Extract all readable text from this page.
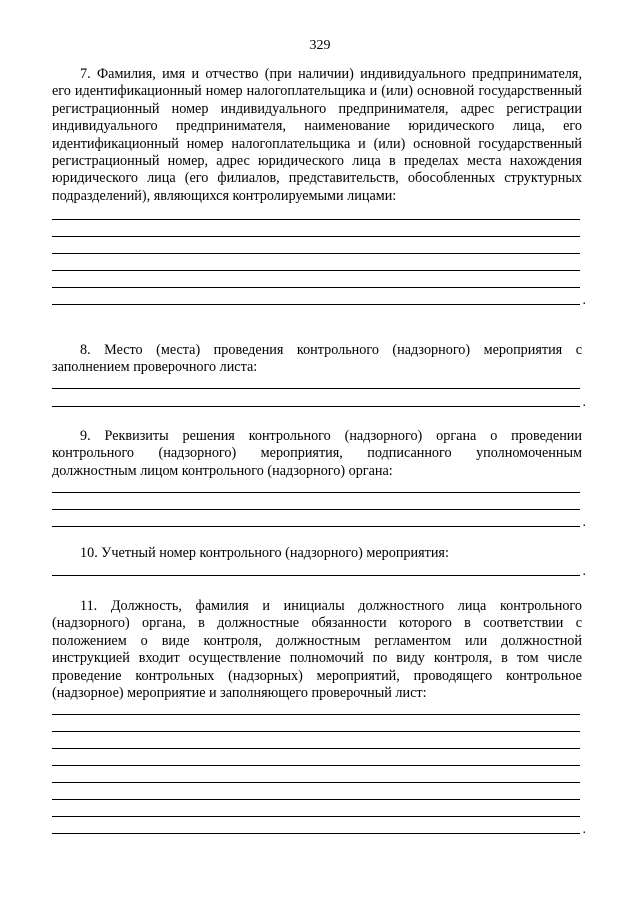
329

7. Фамилия, имя и отчество (при наличии) индивидуального предпринимателя, его идентификационный номер налогоплательщика и (или) основной государственный регистрационный номер индивидуального предпринимателя, адрес регистрации индивидуального предпринимателя, наименование юридического лица, его идентификационный номер налогоплательщика и (или) основной государственный регистрационный номер, адрес юридического лица в пределах места нахождения юридического лица (его филиалов, представительств, обособленных структурных подразделений), являющихся контролируемыми лицами:

.

8. Место (места) проведения контрольного (надзорного) мероприятия с заполнением проверочного листа:

.

9. Реквизиты решения контрольного (надзорного) органа о проведении контрольного (надзорного) мероприятия, подписанного уполномоченным должностным лицом контрольного (надзорного) органа:

.

10. Учетный номер контрольного (надзорного) мероприятия:

.

11. Должность, фамилия и инициалы должностного лица контрольного (надзорного) органа, в должностные обязанности которого в соответствии с положением о виде контроля, должностным регламентом или должностной инструкцией входит осуществление полномочий по виду контроля, в том числе проведение контрольных (надзорных) мероприятий, проводящего контрольное (надзорное) мероприятие и заполняющего проверочный лист:

.
